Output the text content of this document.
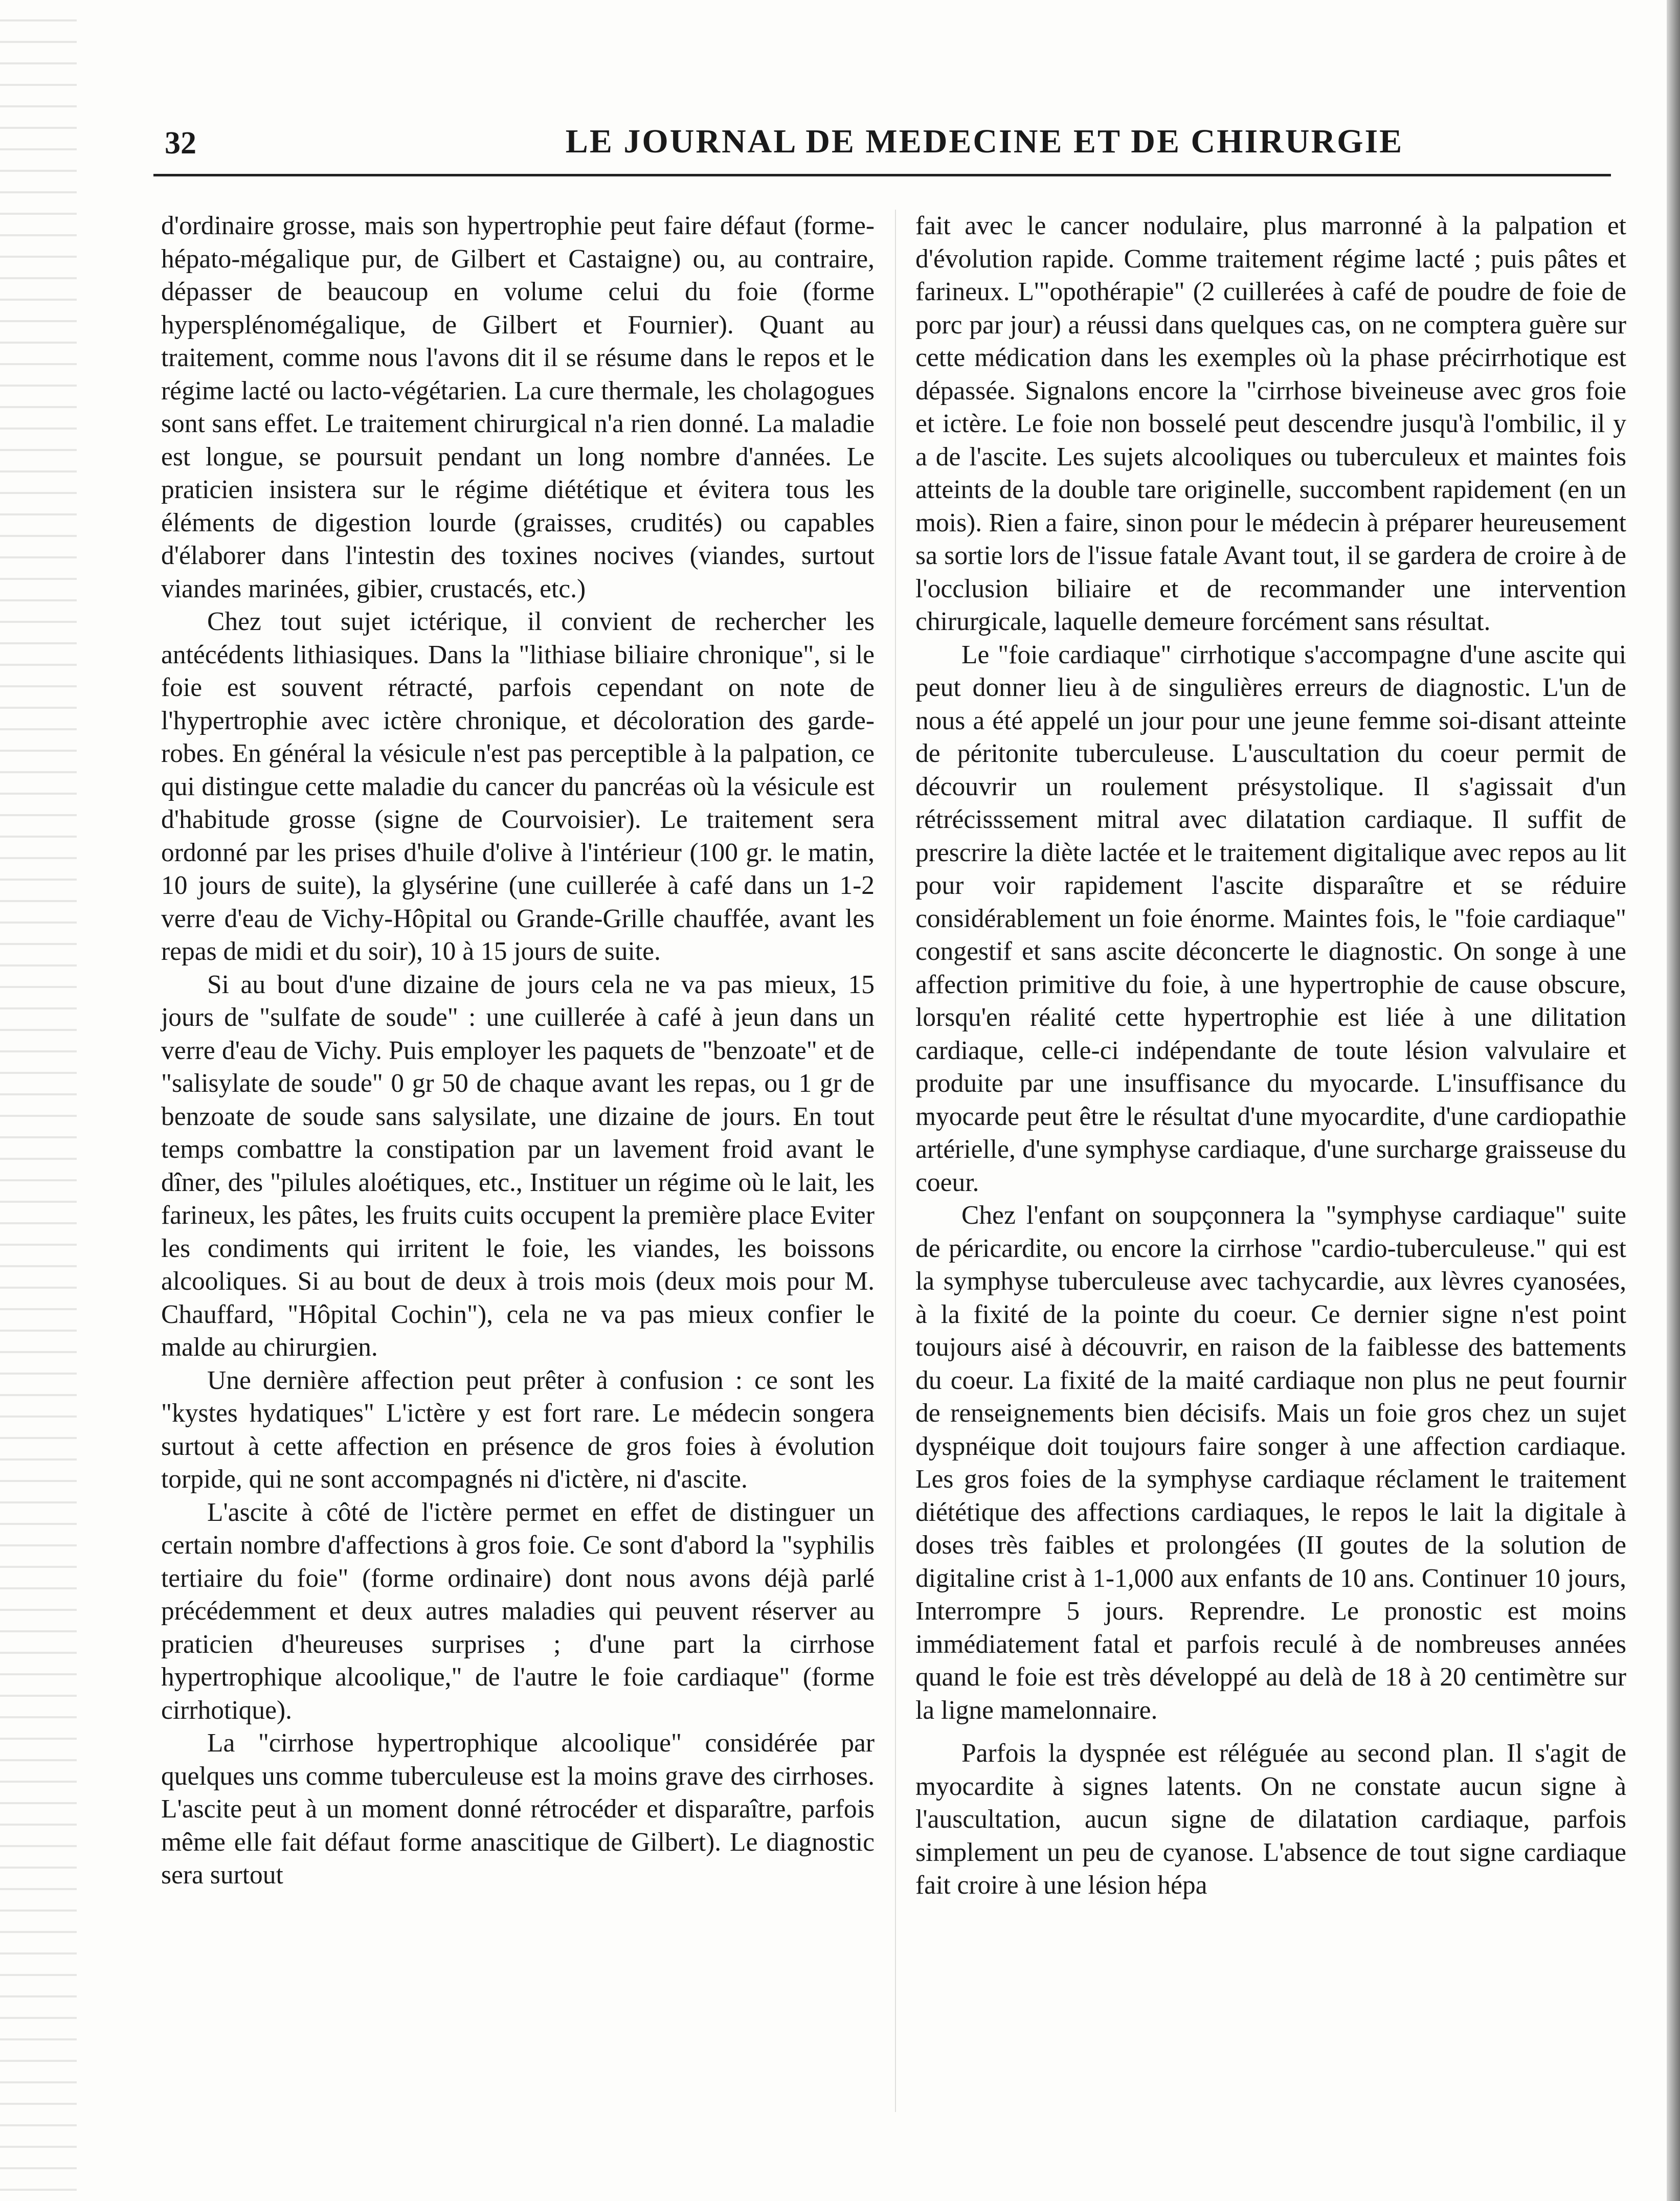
32	LE JOURNAL DE MEDECINE ET DE CHIRURGIE

d'ordinaire grosse, mais son hypertrophie peut faire défaut (forme-hépato-mégalique pur, de Gilbert et Castaigne) ou, au contraire, dépasser de beaucoup en volume celui du foie (forme hypersplénomégalique, de Gilbert et Fournier). Quant au traitement, comme nous l'avons dit il se résume dans le repos et le régime lacté ou lacto-végétarien. La cure thermale, les cholagogues sont sans effet. Le traitement chirurgical n'a rien donné. La maladie est longue, se poursuit pendant un long nombre d'années. Le praticien insistera sur le régime diététique et évitera tous les éléments de digestion lourde (graisses, crudités) ou capables d'élaborer dans l'intestin des toxines nocives (viandes, surtout viandes marinées, gibier, crustacés, etc.)

Chez tout sujet ictérique, il convient de rechercher les antécédents lithiasiques. Dans la "lithiase biliaire chronique", si le foie est souvent rétracté, parfois cependant on note de l'hypertrophie avec ictère chronique, et décoloration des garde-robes. En général la vésicule n'est pas perceptible à la palpation, ce qui distingue cette maladie du cancer du pancréas où la vésicule est d'habitude grosse (signe de Courvoisier). Le traitement sera ordonné par les prises d'huile d'olive à l'intérieur (100 gr. le matin, 10 jours de suite), la glysérine (une cuillerée à café dans un 1-2 verre d'eau de Vichy-Hôpital ou Grande-Grille chauffée, avant les repas de midi et du soir), 10 à 15 jours de suite.

Si au bout d'une dizaine de jours cela ne va pas mieux, 15 jours de "sulfate de soude" : une cuillerée à café à jeun dans un verre d'eau de Vichy. Puis employer les paquets de "benzoate" et de "salisylate de soude" 0 gr 50 de chaque avant les repas, ou 1 gr de benzoate de soude sans salysilate, une dizaine de jours. En tout temps combattre la constipation par un lavement froid avant le dîner, des "pilules aloétiques, etc., Instituer un régime où le lait, les farineux, les pâtes, les fruits cuits occupent la première place Eviter les condiments qui irritent le foie, les viandes, les boissons alcooliques. Si au bout de deux à trois mois (deux mois pour M. Chauffard, "Hôpital Cochin"), cela ne va pas mieux confier le malde au chirurgien.

Une dernière affection peut prêter à confusion : ce sont les "kystes hydatiques" L'ictère y est fort rare. Le médecin songera surtout à cette affection en présence de gros foies à évolution torpide, qui ne sont accompagnés ni d'ictère, ni d'ascite.

L'ascite à côté de l'ictère permet en effet de distinguer un certain nombre d'affections à gros foie. Ce sont d'abord la "syphilis tertiaire du foie" (forme ordinaire) dont nous avons déjà parlé précédemment et deux autres maladies qui peuvent réserver au praticien d'heureuses surprises ; d'une part la cirrhose hypertrophique alcoolique," de l'autre le foie cardiaque" (forme cirrhotique).

La "cirrhose hypertrophique alcoolique" considérée par quelques uns comme tuberculeuse est la moins grave des cirrhoses. L'ascite peut à un moment donné rétrocéder et disparaître, parfois même elle fait défaut forme anascitique de Gilbert). Le diagnostic sera surtout

fait avec le cancer nodulaire, plus marronné à la palpation et d'évolution rapide. Comme traitement régime lacté ; puis pâtes et farineux. L'"opothérapie" (2 cuillerées à café de poudre de foie de porc par jour) a réussi dans quelques cas, on ne comptera guère sur cette médication dans les exemples où la phase précirrhotique est dépassée. Signalons encore la "cirrhose biveineuse avec gros foie et ictère. Le foie non bosselé peut descendre jusqu'à l'ombilic, il y a de l'ascite. Les sujets alcooliques ou tuberculeux et maintes fois atteints de la double tare originelle, succombent rapidement (en un mois). Rien a faire, sinon pour le médecin à préparer heureusement sa sortie lors de l'issue fatale Avant tout, il se gardera de croire à de l'occlusion biliaire et de recommander une intervention chirurgicale, laquelle demeure forcément sans résultat.

Le "foie cardiaque" cirrhotique s'accompagne d'une ascite qui peut donner lieu à de singulières erreurs de diagnostic. L'un de nous a été appelé un jour pour une jeune femme soi-disant atteinte de péritonite tuberculeuse. L'auscultation du coeur permit de découvrir un roulement présystolique. Il s'agissait d'un rétrécisssement mitral avec dilatation cardiaque. Il suffit de prescrire la diète lactée et le traitement digitalique avec repos au lit pour voir rapidement l'ascite disparaître et se réduire considérablement un foie énorme. Maintes fois, le "foie cardiaque" congestif et sans ascite déconcerte le diagnostic. On songe à une affection primitive du foie, à une hypertrophie de cause obscure, lorsqu'en réalité cette hypertrophie est liée à une dilitation cardiaque, celle-ci indépendante de toute lésion valvulaire et produite par une insuffisance du myocarde. L'insuffisance du myocarde peut être le résultat d'une myocardite, d'une cardiopathie artérielle, d'une symphyse cardiaque, d'une surcharge graisseuse du coeur.

Chez l'enfant on soupçonnera la "symphyse cardiaque" suite de péricardite, ou encore la cirrhose "cardio-tuberculeuse." qui est la symphyse tuberculeuse avec tachycardie, aux lèvres cyanosées, à la fixité de la pointe du coeur. Ce dernier signe n'est point toujours aisé à découvrir, en raison de la faiblesse des battements du coeur. La fixité de la maité cardiaque non plus ne peut fournir de renseignements bien décisifs. Mais un foie gros chez un sujet dyspnéique doit toujours faire songer à une affection cardiaque. Les gros foies de la symphyse cardiaque réclament le traitement diététique des affections cardiaques, le repos le lait la digitale à doses très faibles et prolongées (II goutes de la solution de digitaline crist à 1-1,000 aux enfants de 10 ans. Continuer 10 jours, Interrompre 5 jours. Reprendre. Le pronostic est moins immédiatement fatal et parfois reculé à de nombreuses années quand le foie est très développé au delà de 18 à 20 centimètre sur la ligne mamelonnaire.

Parfois la dyspnée est réléguée au second plan. Il s'agit de myocardite à signes latents. On ne constate aucun signe à l'auscultation, aucun signe de dilatation cardiaque, parfois simplement un peu de cyanose. L'absence de tout signe cardiaque fait croire à une lésion hépa
